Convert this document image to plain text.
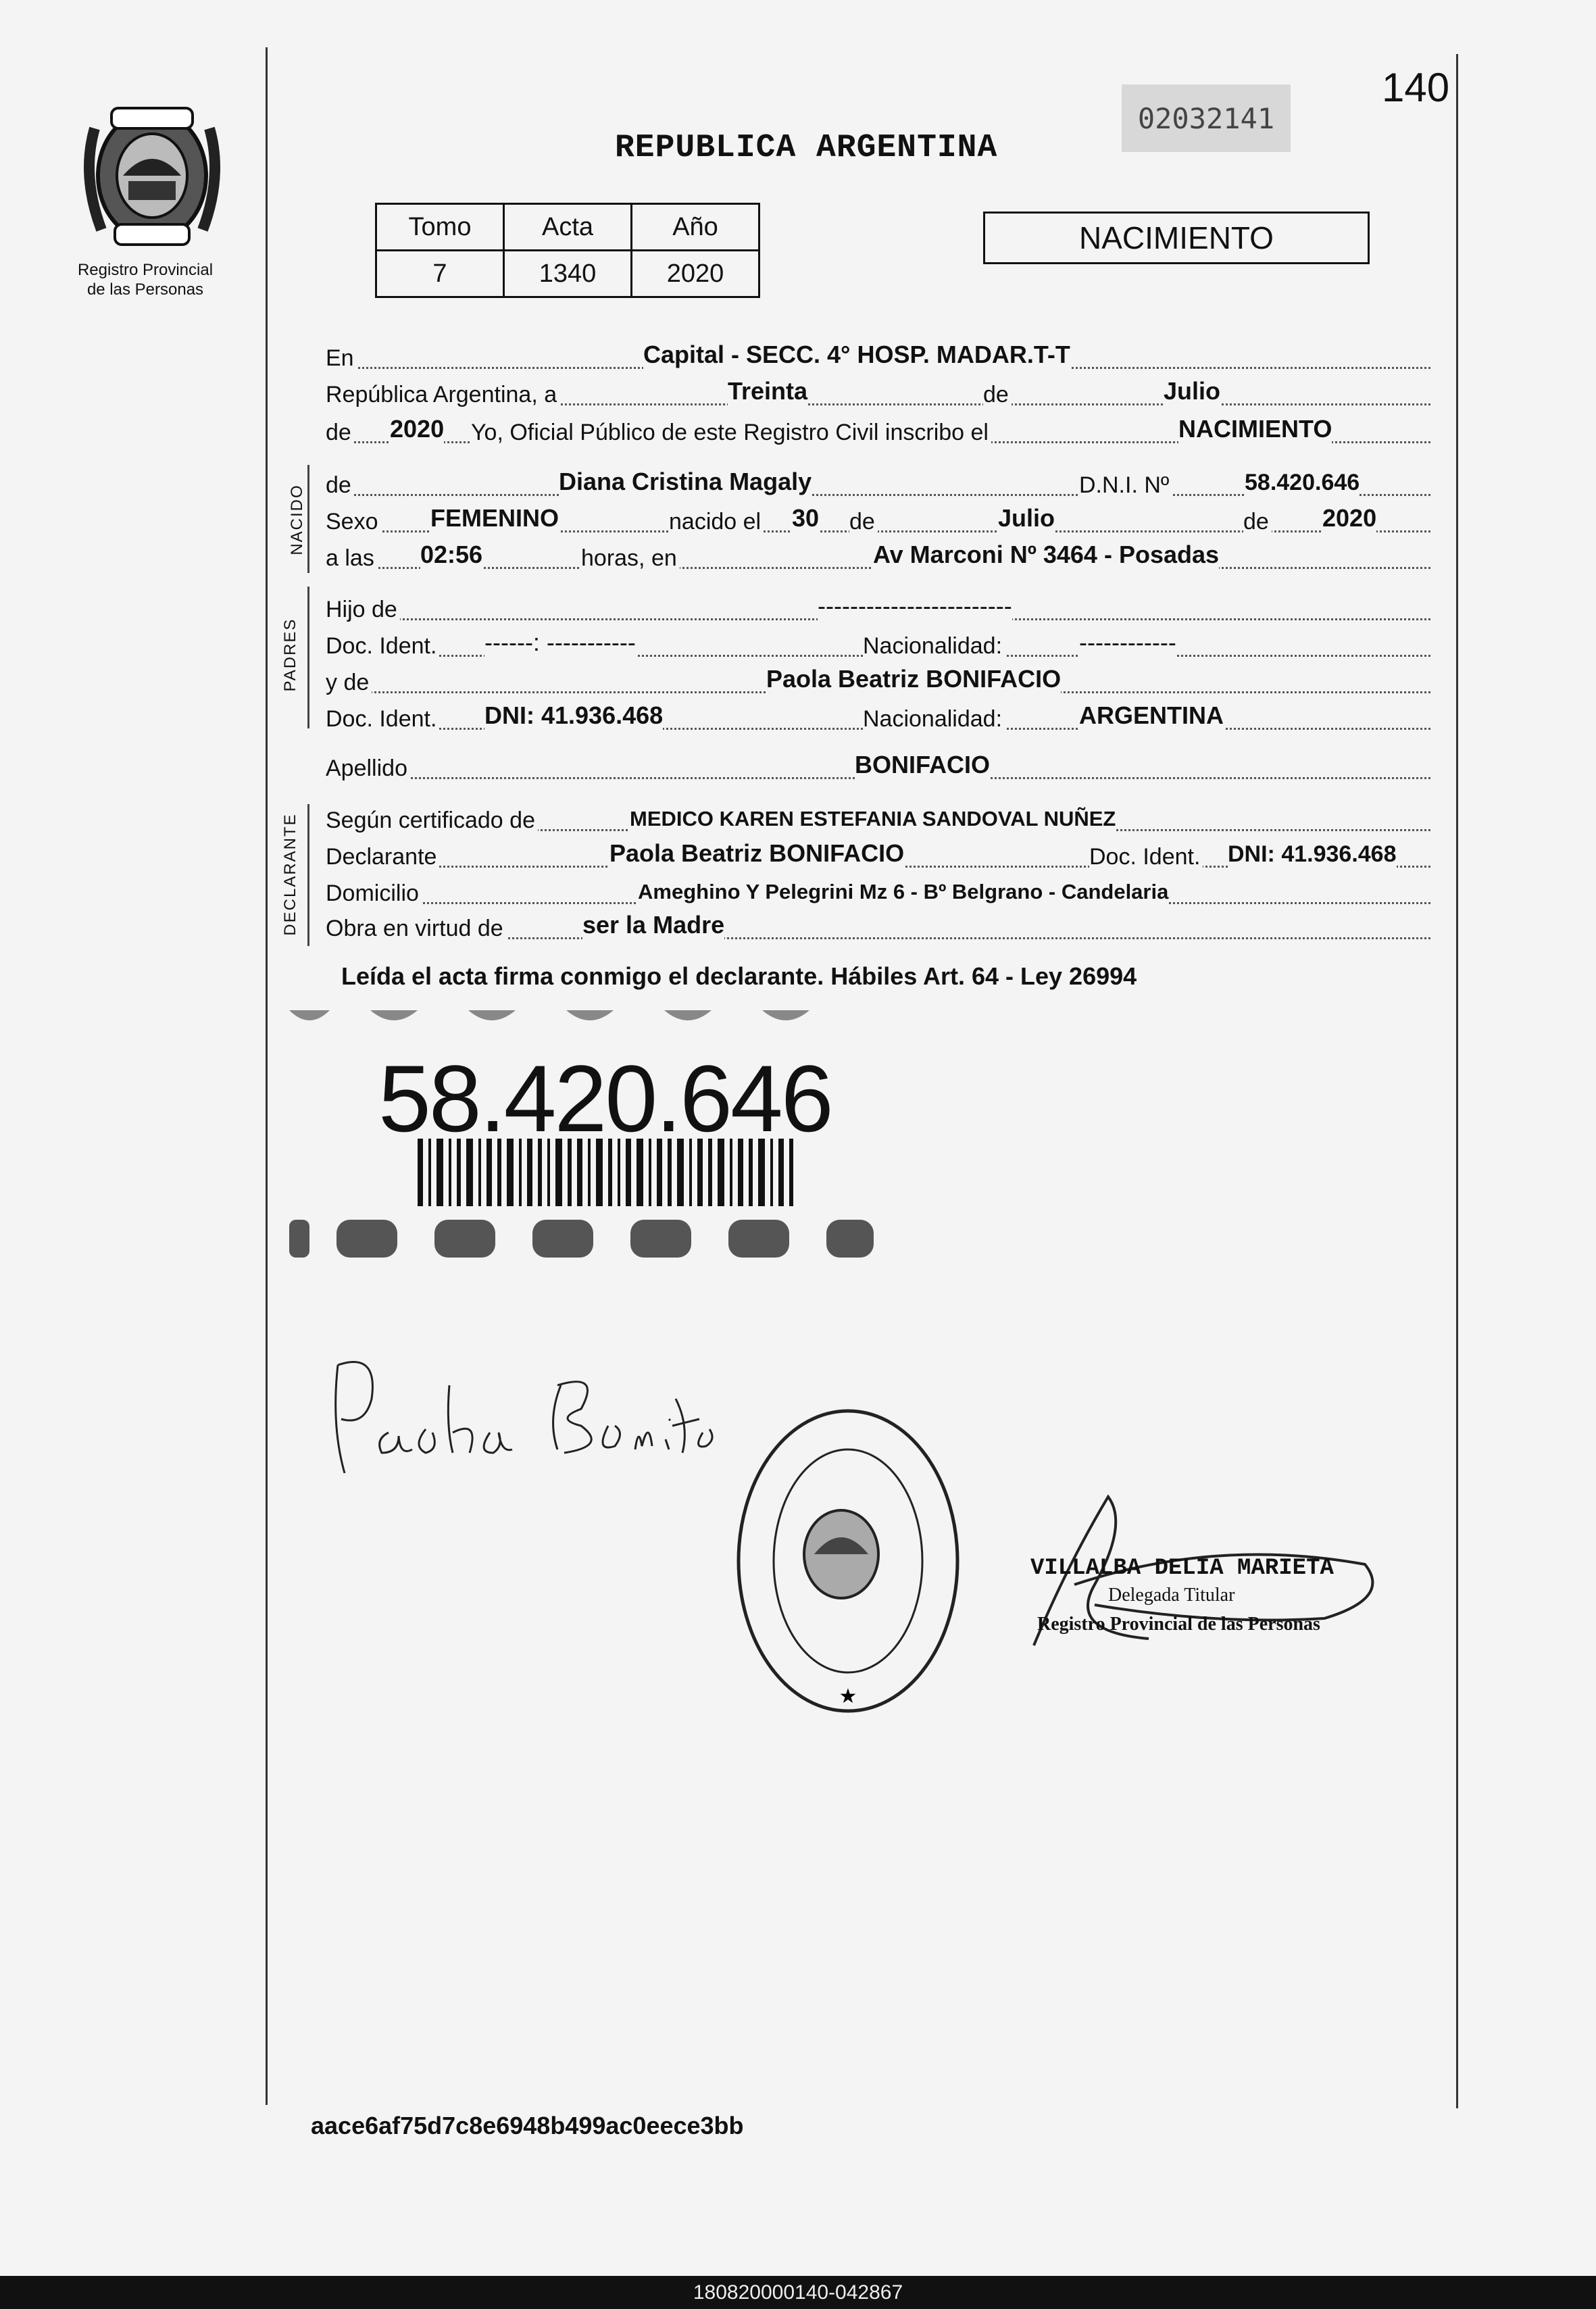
140
02032141
REPUBLICA ARGENTINA
Registro Provincial
de las Personas
Tomo	Acta	Año
7	1340	2020
NACIMIENTO
En	Capital - SECC. 4° HOSP. MADAR.T-T
República Argentina, a	Treinta	de	Julio
de 2020 Yo, Oficial Público de este Registro Civil inscribo el	NACIMIENTO
NACIDO de	Diana Cristina Magaly	D.N.I. Nº	58.420.646
Sexo FEMENINO	nacido el 30 de	Julio	de 2020
a las 02:56	horas, en	Av Marconi Nº 3464 - Posadas
PADRES
Hijo de	------------------------
Doc. Ident. ------: -----------	Nacionalidad:	------------
y de	Paola Beatriz BONIFACIO
Doc. Ident. DNI: 41.936.468	Nacionalidad:	ARGENTINA
Apellido	BONIFACIO
DECLARANTE Según certificado de	MEDICO KAREN ESTEFANIA SANDOVAL NUÑEZ
Declarante	Paola Beatriz BONIFACIO	Doc. Ident. DNI: 41.936.468
Domicilio	Ameghino Y Pelegrini Mz 6 - Bº Belgrano - Candelaria
Obra en virtud de	ser la Madre
Leída el acta firma conmigo el declarante. Hábiles Art. 64 - Ley 26994
58.420.646
★
VILLALBA DELIA MARIETA
Delegada Titular
Registro Provincial de las Personas
aace6af75d7c8e6948b499ac0eece3bb
180820000140-042867
